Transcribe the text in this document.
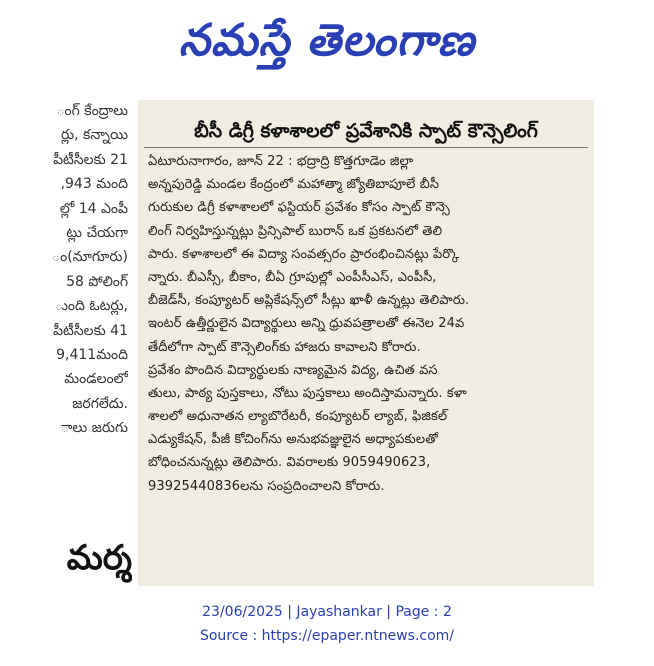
నమస్తే తెలంగాణ
ంగ్ కేంద్రాలు
ర్లు, కన్నాయి
పీటీసీలకు 21
,943 మంది
ల్లో 14 ఎంపీ
ట్లు చేయగా
ం(నూగూరు)
58 పోలింగ్
ుంది ఓటర్లు,
పీటీసీలకు 41
9,411మంది
మండలంలో
జరగలేదు.
ాలు జరుగు
మర్శ

బీసీ డిగ్రీ కళాశాలలో ప్రవేశానికి స్పాట్ కౌన్సెలింగ్
ఏటూరునాగారం, జూన్ 22 : భద్రాద్రి కొత్తగూడెం జిల్లా
అన్నపురెడ్డి మండల కేంద్రంలో మహాత్మా జ్యోతిబాపూలే బీసీ
గురుకుల డిగ్రీ కళాశాలలో ఫస్టియర్ ప్రవేశం కోసం స్పాట్ కౌన్సె
లింగ్ నిర్వహిస్తున్నట్లు ప్రిన్సిపాల్ బురాన్ ఒక ప్రకటనలో తెలి
పారు. కళాశాలలో ఈ విద్యా సంవత్సరం ప్రారంభించినట్లు పేర్కొ
న్నారు. బీఎస్సీ, బీకాం, బీఏ గ్రూపుల్లో ఎంపీసీఎస్, ఎంపీసీ,
బీజెడ్‌సీ, కంప్యూటర్ అప్లికేషన్స్‌లో సీట్లు ఖాళీ ఉన్నట్లు తెలిపారు.
ఇంటర్ ఉత్తీర్ణులైన విద్యార్థులు అన్ని ధ్రువపత్రాలతో ఈనెల 24వ
తేదీలోగా స్పాట్ కౌన్సెలింగ్‌కు హాజరు కావాలని కోరారు.
ప్రవేశం పొందిన విద్యార్థులకు నాణ్యమైన విద్య, ఉచిత వస
తులు, పాఠ్య పుస్తకాలు, నోటు పుస్తకాలు అందిస్తామన్నారు. కళా
శాలలో అధునాతన ల్యాబొరేటరీ, కంప్యూటర్ ల్యాబ్, ఫిజికల్
ఎడ్యుకేషన్, పీజీ కోచింగ్‌ను అనుభవజ్ఞులైన అధ్యాపకులతో
బోధించనున్నట్లు తెలిపారు. వివరాలకు 9059490623,
9392544083​6లను సంప్రదించాలని కోరారు.
23/06/2025 | Jayashankar | Page : 2
Source : https://epaper.ntnews.com/
